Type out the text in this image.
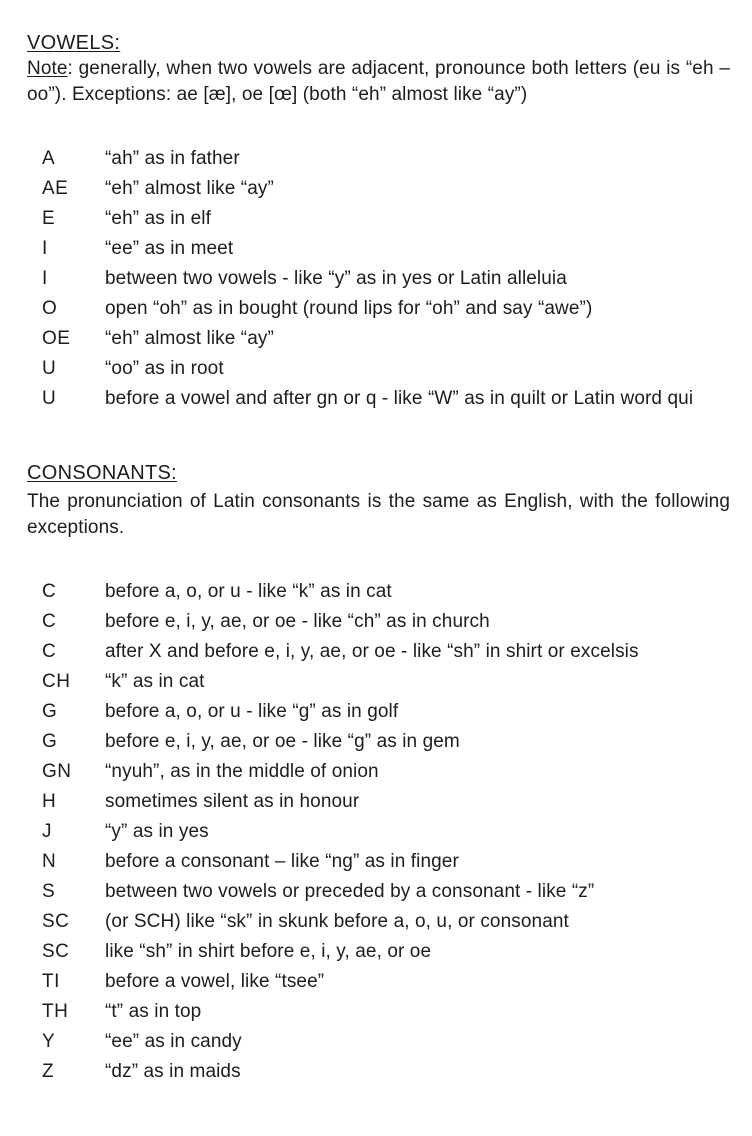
VOWELS:

Note: generally, when two vowels are adjacent, pronounce both letters (eu is “eh –oo”). Exceptions: ae [æ], oe [œ] (both “eh” almost like “ay”)

A	“ah” as in father
AE	“eh” almost like “ay”
E	“eh” as in elf
I	“ee” as in meet
I	between two vowels - like “y” as in yes or Latin alleluia
O	open “oh” as in bought (round lips for “oh” and say “awe”)
OE	“eh” almost like “ay”
U	“oo” as in root
U	before a vowel and after gn or q - like “W” as in quilt or Latin word qui
CONSONANTS:

The pronunciation of Latin consonants is the same as English, with the following exceptions.

C	before a, o, or u - like “k” as in cat
C	before e, i, y, ae, or oe - like “ch” as in church
C	after X and before e, i, y, ae, or oe - like “sh” in shirt or excelsis
CH	“k” as in cat
G	before a, o, or u - like “g” as in golf
G	before e, i, y, ae, or oe - like “g” as in gem
GN	“nyuh”, as in the middle of onion
H	sometimes silent as in honour
J	“y” as in yes
N	before a consonant – like “ng” as in finger
S	between two vowels or preceded by a consonant - like “z”
SC	(or SCH) like “sk” in skunk before a, o, u, or consonant
SC	like “sh” in shirt before e, i, y, ae, or oe
TI	before a vowel, like “tsee”
TH	“t” as in top
Y	“ee” as in candy
Z	“dz” as in maids
